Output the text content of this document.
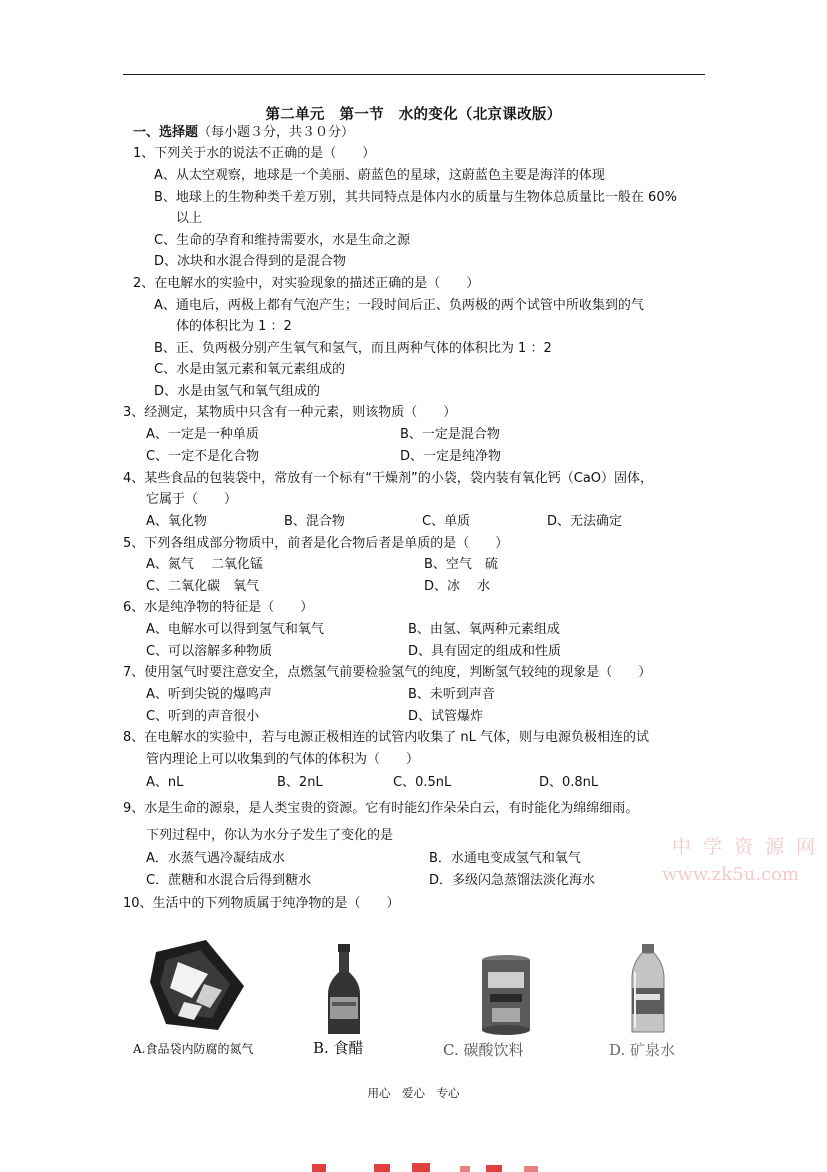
第二单元　第一节　水的变化（北京课改版）
一、选择题（每小题３分，共３０分）
1、下列关于水的说法不正确的是（　　）
A、从太空观察，地球是一个美丽、蔚蓝色的星球，这蔚蓝色主要是海洋的体现
B、地球上的生物种类千差万别，其共同特点是体内水的质量与生物体总质量比一般在 60%
以上
C、生命的孕育和维持需要水，水是生命之源
D、冰块和水混合得到的是混合物
2、在电解水的实验中，对实验现象的描述正确的是（　　）
A、通电后，两极上都有气泡产生；一段时间后正、负两极的两个试管中所收集到的气
体的体积比为 1 ：2
B、正、负两极分别产生氧气和氢气，而且两种气体的体积比为 1 ：2
C、水是由氢元素和氧元素组成的
D、水是由氢气和氧气组成的
3、经测定，某物质中只含有一种元素，则该物质（　　）
A、一定是一种单质	B、一定是混合物
C、一定不是化合物	D、一定是纯净物
4、某些食品的包装袋中，常放有一个标有“干燥剂”的小袋，袋内装有氧化钙（CaO）固体，
它属于（　　）
A、氧化物	B、混合物	C、单质	D、无法确定
5、下列各组成部分物质中，前者是化合物后者是单质的是（　　）
A、氮气　 二氧化锰	B、空气　硫
C、二氧化碳　氧气	D、冰　 水
6、水是纯净物的特征是（　　）
A、电解水可以得到氢气和氧气	B、由氢、氧两种元素组成
C、可以溶解多种物质	D、具有固定的组成和性质
7、使用氢气时要注意安全，点燃氢气前要检验氢气的纯度，判断氢气较纯的现象是（　　）
A、听到尖锐的爆鸣声	B、未听到声音
C、听到的声音很小	D、试管爆炸
8、在电解水的实验中，若与电源正极相连的试管内收集了 nL 气体，则与电源负极相连的试
管内理论上可以收集到的气体的体积为（　　）
A、nL	B、2nL	C、0.5nL	D、0.8nL
9、水是生命的源泉，是人类宝贵的资源。它有时能幻作朵朵白云，有时能化为绵绵细雨。
下列过程中，你认为水分子发生了变化的是
A．水蒸气遇冷凝结成水	B．水通电变成氢气和氧气
C．蔗糖和水混合后得到糖水	D．多级闪急蒸馏法淡化海水
10、生活中的下列物质属于纯净物的是（　　）
中 学 资 源 网
www.zk5u.com
A.食品袋内防腐的氮气	B. 食醋	C. 碳酸饮料	D. 矿泉水
用心　爱心　专心
